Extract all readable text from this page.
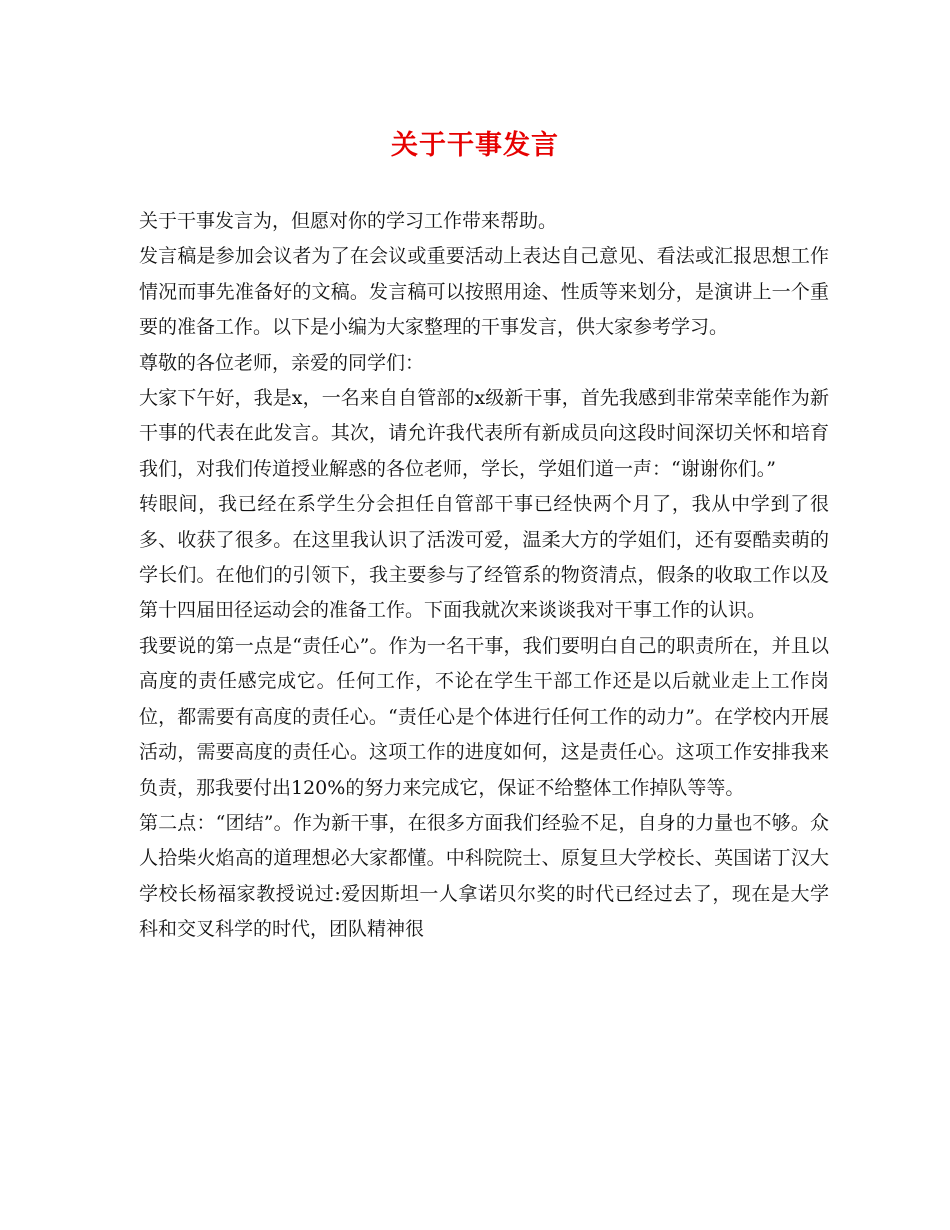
关于干事发言

关于干事发言为，但愿对你的学习工作带来帮助。

发言稿是参加会议者为了在会议或重要活动上表达自己意见、看法或汇报思想工作情况而事先准备好的文稿。发言稿可以按照用途、性质等来划分，是演讲上一个重要的准备工作。以下是小编为大家整理的干事发言，供大家参考学习。

尊敬的各位老师，亲爱的同学们：

大家下午好，我是x，一名来自自管部的x级新干事，首先我感到非常荣幸能作为新干事的代表在此发言。其次，请允许我代表所有新成员向这段时间深切关怀和培育我们，对我们传道授业解惑的各位老师，学长，学姐们道一声：“谢谢你们。”

转眼间，我已经在系学生分会担任自管部干事已经快两个月了，我从中学到了很多、收获了很多。在这里我认识了活泼可爱，温柔大方的学姐们，还有耍酷卖萌的学长们。在他们的引领下，我主要参与了经管系的物资清点，假条的收取工作以及第十四届田径运动会的准备工作。下面我就次来谈谈我对干事工作的认识。

我要说的第一点是“责任心”。作为一名干事，我们要明白自己的职责所在，并且以高度的责任感完成它。任何工作，不论在学生干部工作还是以后就业走上工作岗位，都需要有高度的责任心。“责任心是个体进行任何工作的动力”。在学校内开展活动，需要高度的责任心。这项工作的进度如何，这是责任心。这项工作安排我来负责，那我要付出120%的努力来完成它，保证不给整体工作掉队等等。

第二点：“团结”。作为新干事，在很多方面我们经验不足，自身的力量也不够。众人拾柴火焰高的道理想必大家都懂。中科院院士、原复旦大学校长、英国诺丁汉大学校长杨福家教授说过:爱因斯坦一人拿诺贝尔奖的时代已经过去了，现在是大学科和交叉科学的时代，团队精神很
